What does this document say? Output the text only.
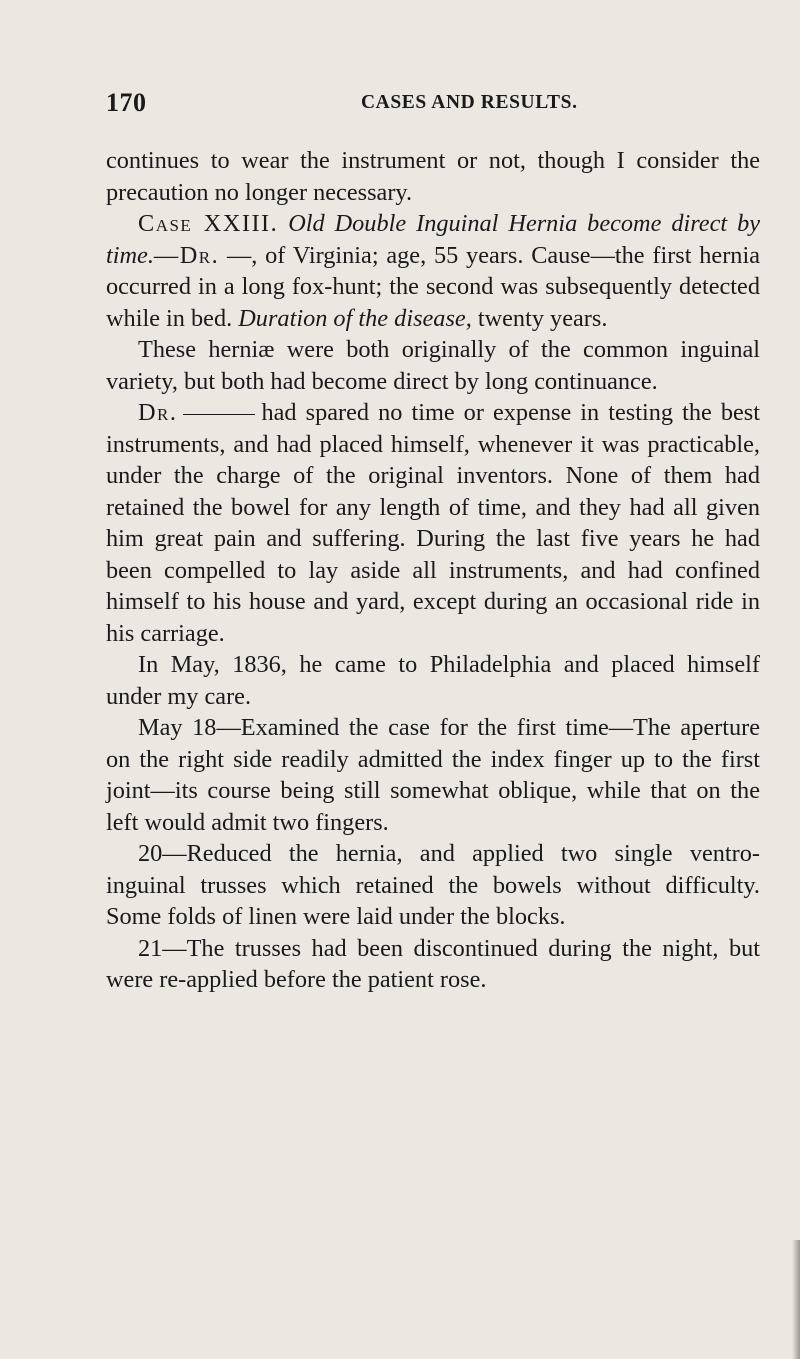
170	CASES AND RESULTS.

continues to wear the instrument or not, though I consider the precaution no longer necessary.

Case XXIII. Old Double Inguinal Hernia become direct by time.—Dr. —, of Virginia; age, 55 years. Cause—the first hernia occurred in a long fox-hunt; the second was subsequently detected while in bed. Duration of the disease, twenty years.

These herniæ were both originally of the common inguinal variety, but both had become direct by long continuance.

Dr.	had spared no time or expense in testing the best instruments, and had placed himself, whenever it was practicable, under the charge of the original inventors. None of them had retained the bowel for any length of time, and they had all given him great pain and suffering. During the last five years he had been compelled to lay aside all instruments, and had confined himself to his house and yard, except during an occasional ride in his carriage.

In May, 1836, he came to Philadelphia and placed himself under my care.

May 18—Examined the case for the first time—The aperture on the right side readily admitted the index finger up to the first joint—its course being still somewhat oblique, while that on the left would admit two fingers.

20—Reduced the hernia, and applied two single ventro-inguinal trusses which retained the bowels without difficulty. Some folds of linen were laid under the blocks.

21—The trusses had been discontinued during the night, but were re-applied before the patient rose.
